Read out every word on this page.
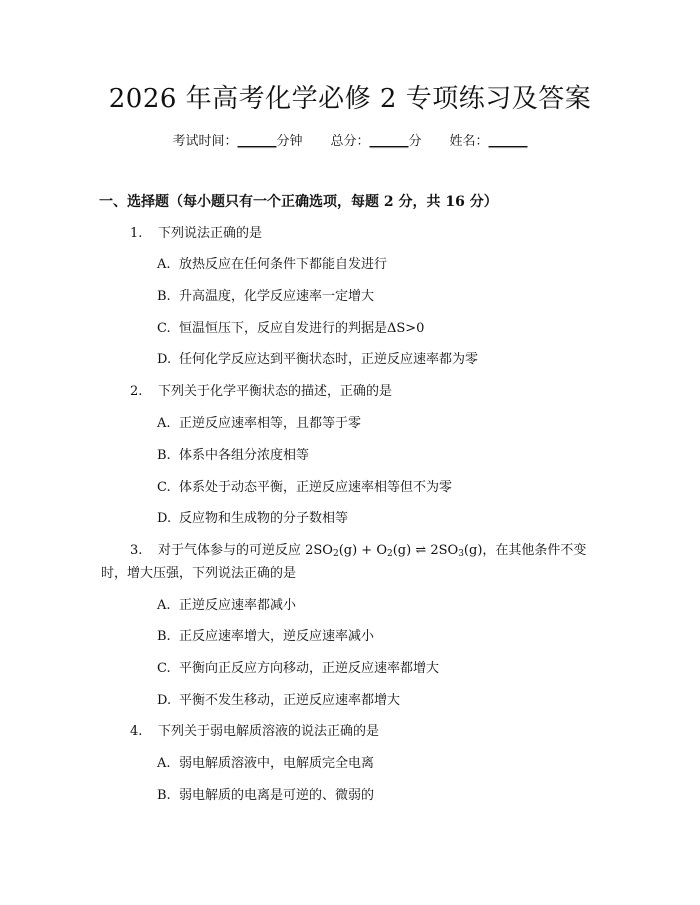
2026 年高考化学必修 2 专项练习及答案
考试时间：______分钟 总分：______分 姓名：______
一、选择题（每小题只有一个正确选项，每题 2 分，共 16 分）
1. 下列说法正确的是
A. 放热反应在任何条件下都能自发进行
B. 升高温度，化学反应速率一定增大
C. 恒温恒压下，反应自发进行的判据是ΔS>0
D. 任何化学反应达到平衡状态时，正逆反应速率都为零
2. 下列关于化学平衡状态的描述，正确的是
A. 正逆反应速率相等，且都等于零
B. 体系中各组分浓度相等
C. 体系处于动态平衡，正逆反应速率相等但不为零
D. 反应物和生成物的分子数相等
3. 对于气体参与的可逆反应 $2SO_2(g) + O_2(g)$ ⇌ $2SO_3(g)$，在其他条件不变
时，增大压强，下列说法正确的是
A. 正逆反应速率都减小
B. 正反应速率增大，逆反应速率减小
C. 平衡向正反应方向移动，正逆反应速率都增大
D. 平衡不发生移动，正逆反应速率都增大
4. 下列关于弱电解质溶液的说法正确的是
A. 弱电解质溶液中，电解质完全电离
B. 弱电解质的电离是可逆的、微弱的
